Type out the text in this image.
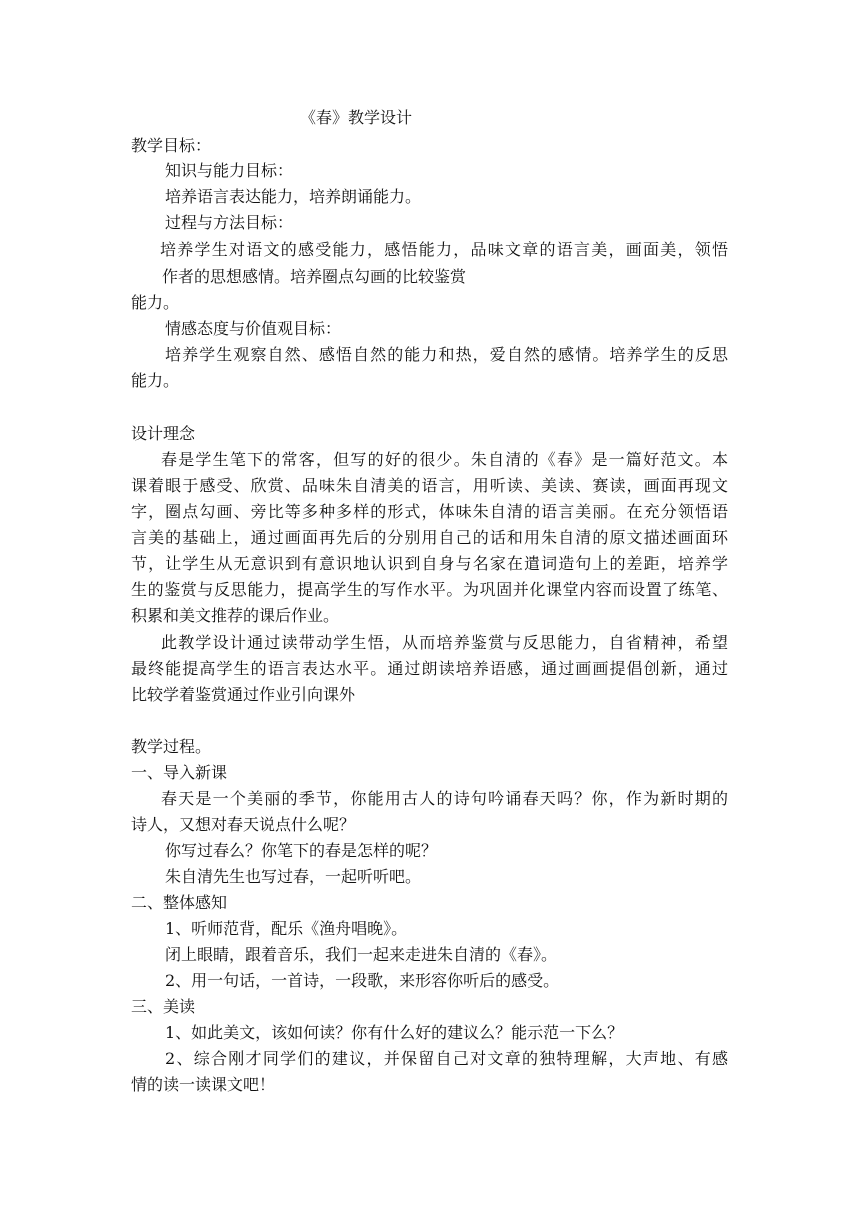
《春》教学设计

教学目标：

知识与能力目标：

培养语言表达能力，培养朗诵能力。

过程与方法目标：

培养学生对语文的感受能力，感悟能力，品味文章的语言美，画面美，领悟

作者的思想感情。培养圈点勾画的比较鉴赏

能力。

情感态度与价值观目标：

培养学生观察自然、感悟自然的能力和热，爱自然的感情。培养学生的反思

能力。

设计理念

春是学生笔下的常客，但写的好的很少。朱自清的《春》是一篇好范文。本

课着眼于感受、欣赏、品味朱自清美的语言，用听读、美读、赛读，画面再现文

字，圈点勾画、旁比等多种多样的形式，体味朱自清的语言美丽。在充分领悟语

言美的基础上，通过画面再先后的分别用自己的话和用朱自清的原文描述画面环

节，让学生从无意识到有意识地认识到自身与名家在遣词造句上的差距，培养学

生的鉴赏与反思能力，提高学生的写作水平。为巩固并化课堂内容而设置了练笔、

积累和美文推荐的课后作业。

此教学设计通过读带动学生悟，从而培养鉴赏与反思能力，自省精神，希望

最终能提高学生的语言表达水平。通过朗读培养语感，通过画画提倡创新，通过

比较学着鉴赏通过作业引向课外

教学过程。

一、导入新课

春天是一个美丽的季节，你能用古人的诗句吟诵春天吗？你，作为新时期的

诗人，又想对春天说点什么呢？

你写过春么？你笔下的春是怎样的呢？

朱自清先生也写过春，一起听听吧。

二、整体感知

1、听师范背，配乐《渔舟唱晚》。

闭上眼睛，跟着音乐，我们一起来走进朱自清的《春》。

2、用一句话，一首诗，一段歌，来形容你听后的感受。

三、美读

1、如此美文，该如何读？你有什么好的建议么？能示范一下么？

2、综合刚才同学们的建议，并保留自己对文章的独特理解，大声地、有感

情的读一读课文吧！
